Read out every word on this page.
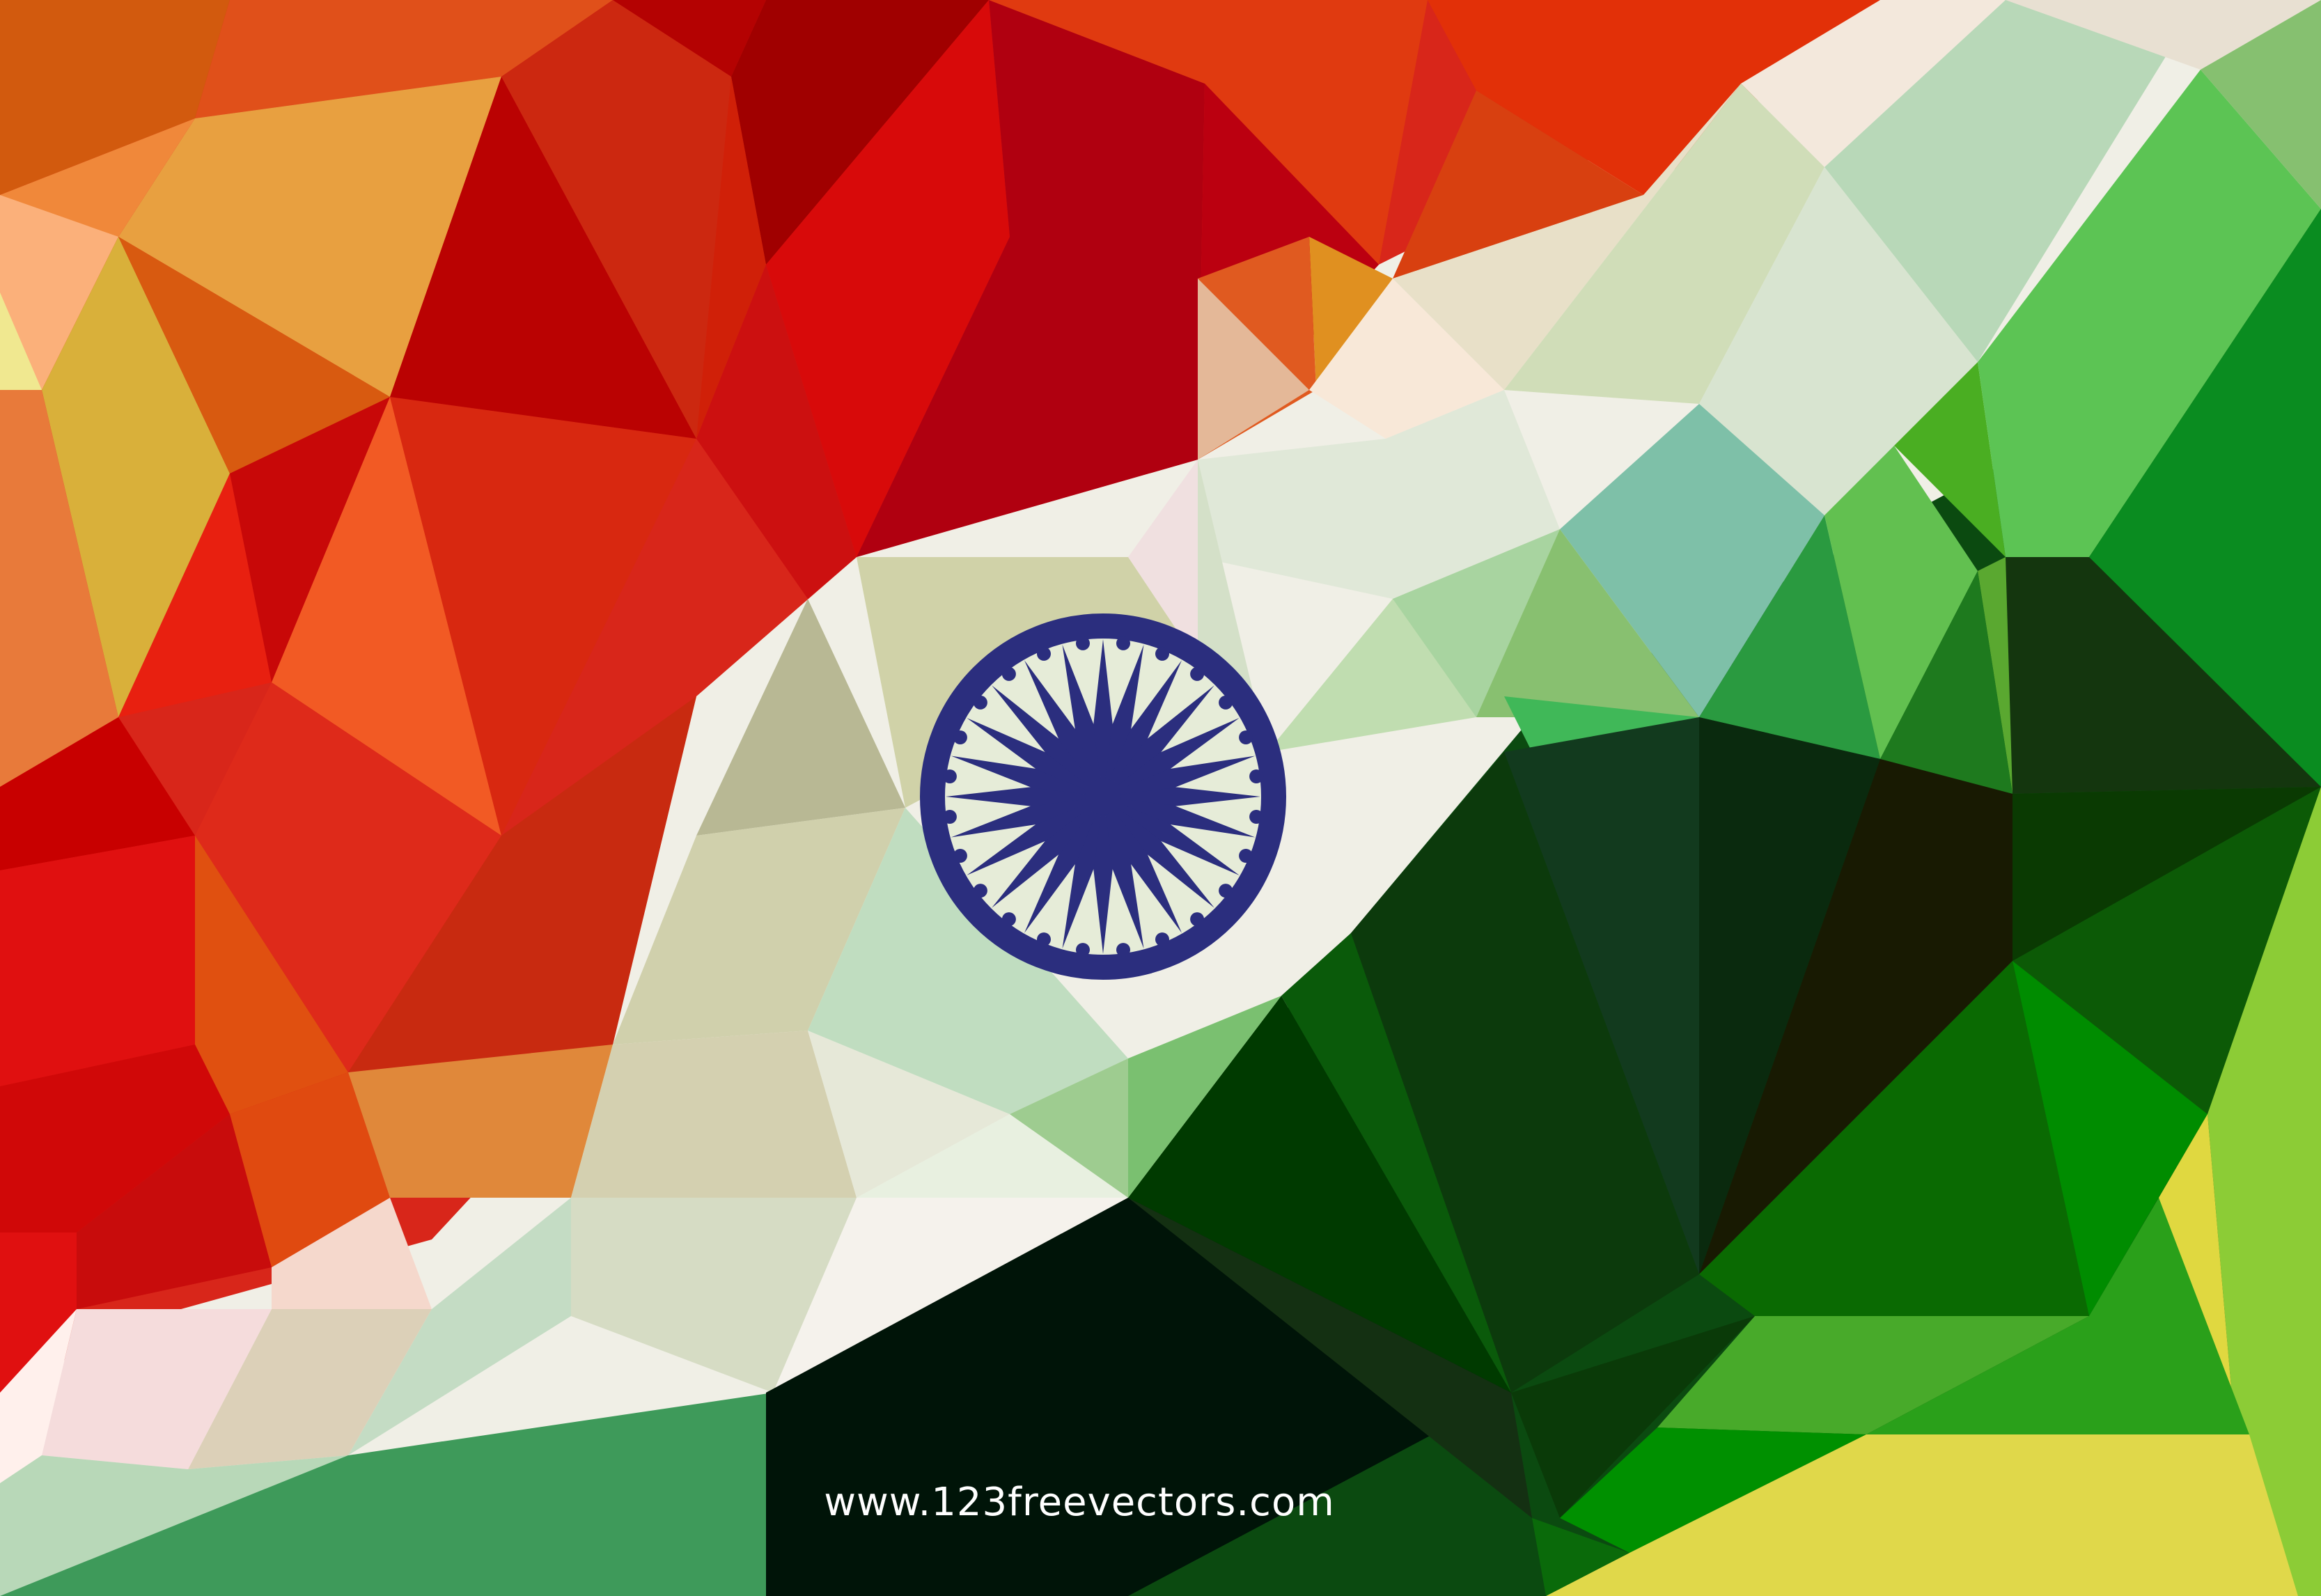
www.123freevectors.com
